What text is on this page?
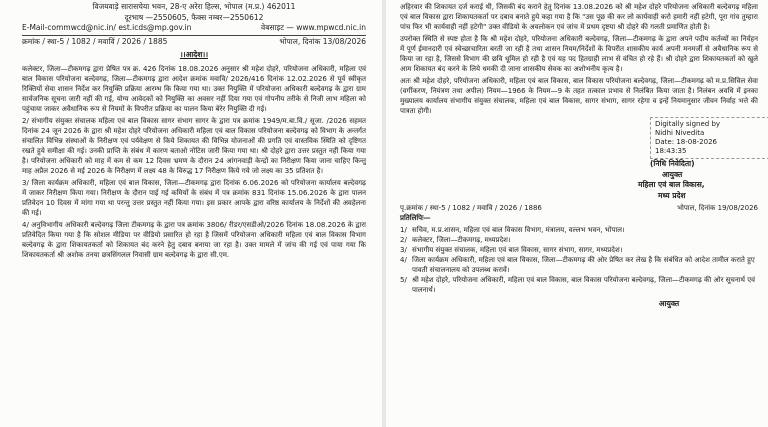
विजयवाड़े सारासचेया भवन, 28-ए अरेरा हिल्स, भोपाल (म.प्र.) 462011
दूरभाष —2550605, फैक्स नम्बर—2550612
E-Mail-commwcd@nic.in/ est.icds@mp.gov.in	वेबसाइट — www.mpwcd.nic.in
क्रमांक / स्था-5 / 1082 / मवाविं / 2026 / 1885	भोपाल, दिनांक 13/08/2026
।।आदेश।।

कलेक्टर, जिला—टीकमगढ़ द्वारा प्रेषित पत्र क्र. 426 दिनांक 18.08.2026 अनुसार श्री महेश दोहरे, परियोजना अधिकारी, महिला एवं बाल विकास परियोजना बल्देवगढ़, जिला—टीकमगढ़ द्वारा आदेश क्रमांक मवावि/ 2026/416 दिनांक 12.02.2026 से पूर्व स्वीकृत रिक्तियों सेवा शासन निर्देश कर नियुक्ति प्रक्रिया आरम्भ कि किया गया था। उक्त नियुक्ति में परियोजना अधिकारी बल्देवगढ़ के द्वारा ग्राम सार्वजनिक सूचना जारी नहीं की गई, योग्य आवेदकों को नियुक्ति का अवसर नहीं दिया गया एवं गोपनीय तरीके से निजी लाभ महिला को पहुंचाया जाकर अवैधानिक रूप से नियमों के विपरीत प्रक्रिया का पालन किया बेरेर नियुक्ति दी गई।

2/ संभागीय संयुक्त संचालक महिला एवं बाल विकास सागर संभाग सागर के द्वारा पत्र क्रमांक 1949/म.बा.वि./ सूजा. /2026 सहमत दिनांक 24 जून 2026 के द्वारा श्री महेश दोहरे परियोजना अधिकारी महिला एवं बाल विकास परियोजना बल्देवगढ़ को विभाग के अन्तर्गत संचालित विभिन्न संस्थाओं के निरीक्षण एवं पर्यवेक्षण से किये शिकायत की विभिन्न योजनाओं की प्रगति एवं वास्तविक स्थिति को दृष्टिगत रखते हुये समीक्षा की गई। उनकी प्राप्ति के संबंध में कारण बताओ नोटिस जारी किया गया था। श्री दोहरे द्वारा उत्तर प्रस्तुत नहीं किया गया है। परियोजना अधिकारी को माह में कम से कम 12 दिवस भ्रमण के दौरान 24 आंगनवाड़ी केन्द्रों का निरीक्षण किया जाना चाहिए किन्तु माह अप्रैल 2026 से मई 2026 के निरीक्षण में लक्ष्य 48 के विरुद्ध 17 निरीक्षण किये गये जो लक्ष्य का 35 प्रतिशत है।

3/ जिला कार्यक्रम अधिकारी, महिला एवं बाल विकास, जिला—टीकमगढ़ द्वारा दिनांक 6.06.2026 को परियोजना कार्यालय बल्देवगढ़ में जाकर निरीक्षण किया गया। निरीक्षण के दौरान पाई गई कमियों के संबंध में पत्र क्रमांक 831 दिनांक 15.06.2026 के द्वारा पालन प्रतिवेदन 10 दिवस में मांगा गया था परन्तु उत्तर प्रस्तुत नहीं किया गया। इस प्रकार आपके द्वारा वरिष्ठ कार्यालय के निर्देशों की अवहेलना की गई।

4/ अनुविभागीय अधिकारी बल्देवगढ़ जिला टीकमगढ़ के द्वारा पत्र क्रमांक 3806/ रीडर/एसडीओ/2026 दिनांक 18.08.2026 के द्वारा प्रतिवेदित किया गया है कि सोशल मीडिया पर वीडियो प्रसारित हो रहा है जिसमें परियोजना अधिकारी महिला एवं बाल विकास विभाग बल्देवगढ़ के द्वारा शिकायतकर्ता को शिकायत बंद करने हेतु दबाव बनाया जा रहा है। उक्त मामले में जांच की गई एवं पाया गया कि शिकायतकर्ता श्री अशोक तनया छत्रसिंगलल निवासी ग्राम बल्देवगढ़ के द्वारा सी.एम.

अहिरवार की शिकायत दर्ज कराई थी, जिसकी बंद कराने हेतु दिनांक 13.08.2026 को श्री महेश दोहरे परियोजना अधिकारी बल्देवगढ़ महिला एवं बाल विकास द्वारा शिकायतकर्ता पर दबाव बनाते हुये कहा गया है कि "उस पूछ की कर लो कार्यवाही करो हमारी नहीं हटेगी, पूरा गांव तुम्हारा पांच फिर भी कार्यवाही नहीं हटेगी" उक्त वीडियो के अवलोकन एवं जांच में प्रथम दृष्टया श्री दोहरे की गलती प्रमाणित होती है।

उपरोक्त स्थिति से स्पष्ट होता है कि श्री महेश दोहरे, परियोजना अधिकारी बल्देवगढ़, जिला—टीकमगढ़ के द्वारा अपने पदीय कर्तव्यों का निर्वहन में पूर्ण ईमानदारी एवं स्वेच्छाचारिता बरती जा रही है तथा शासन नियम/निर्देशों के विपरीत शासकीय कार्य अपनी मनमर्जी से अवैधानिक रूप से किया जा रहा है, जिससे विभाग की छवि धूमिल हो रही है एवं यह पद हितग्राही लाभ से वंचित हो रहे हैं। श्री दोहरे द्वारा शिकायतकर्ता को खुले आम शिकायत बंद करने के लिये धमकी दी जाना शासकीय सेवक का अशोभनीय कृत्य है।

अतः श्री महेश दोहरे, परियोजना अधिकारी, महिला एवं बाल विकास, बाल विकास परियोजना बल्देवगढ़, जिला—टीकमगढ़ को म.प्र.सिविल सेवा (वर्गीकरण, नियंत्रण तथा अपील) नियम—1966 के नियम—9 के तहत तत्काल प्रभाव से निलंबित किया जाता है। निलंबन अवधि में इनका मुख्यालय कार्यालय संभागीय संयुक्त संचालक, महिला एवं बाल विकास, सागर संभाग, सागर रहेगा व इन्हें नियमानुसार जीवन निर्वाह भत्ते की पात्रता होगी।

Digitally signed by
Nidhi Nivedita
Date: 18-08-2026
18:43:35
(निधि निवेदिता)
आयुक्त
महिला एवं बाल विकास,
मध्य प्रदेश
पृ.क्रमांक / स्था-5 / 1082 / मवावि / 2026 / 1886	भोपाल, दिनांक 19/08/2026
प्रतिलिपिः—
1/ सचिव, म.प्र.शासन, महिला एवं बाल विकास विभाग, मंत्रालय, वल्लभ भवन, भोपाल।
2/ कलेक्टर, जिला—टीकमगढ़, मध्यप्रदेश।
3/ संभागीय संयुक्त संचालक, महिला एवं बाल विकास, सागर संभाग, सागर, मध्यप्रदेश।
4/ जिला कार्यक्रम अधिकारी, महिला एवं बाल विकास, जिला—टीकमगढ़ की ओर प्रेषित कर लेख है कि संबंधित को आदेश तामील कराते हुए पावती संचालनालय को उपलब्ध करावें।
5/ श्री महेश दोहरे, परियोजना अधिकारी, महिला एवं बाल विकास, बाल विकास परियोजना बल्देवगढ़, जिला—टीकमगढ़ की ओर सूचनार्थ एवं पालनार्थ।
आयुक्त
